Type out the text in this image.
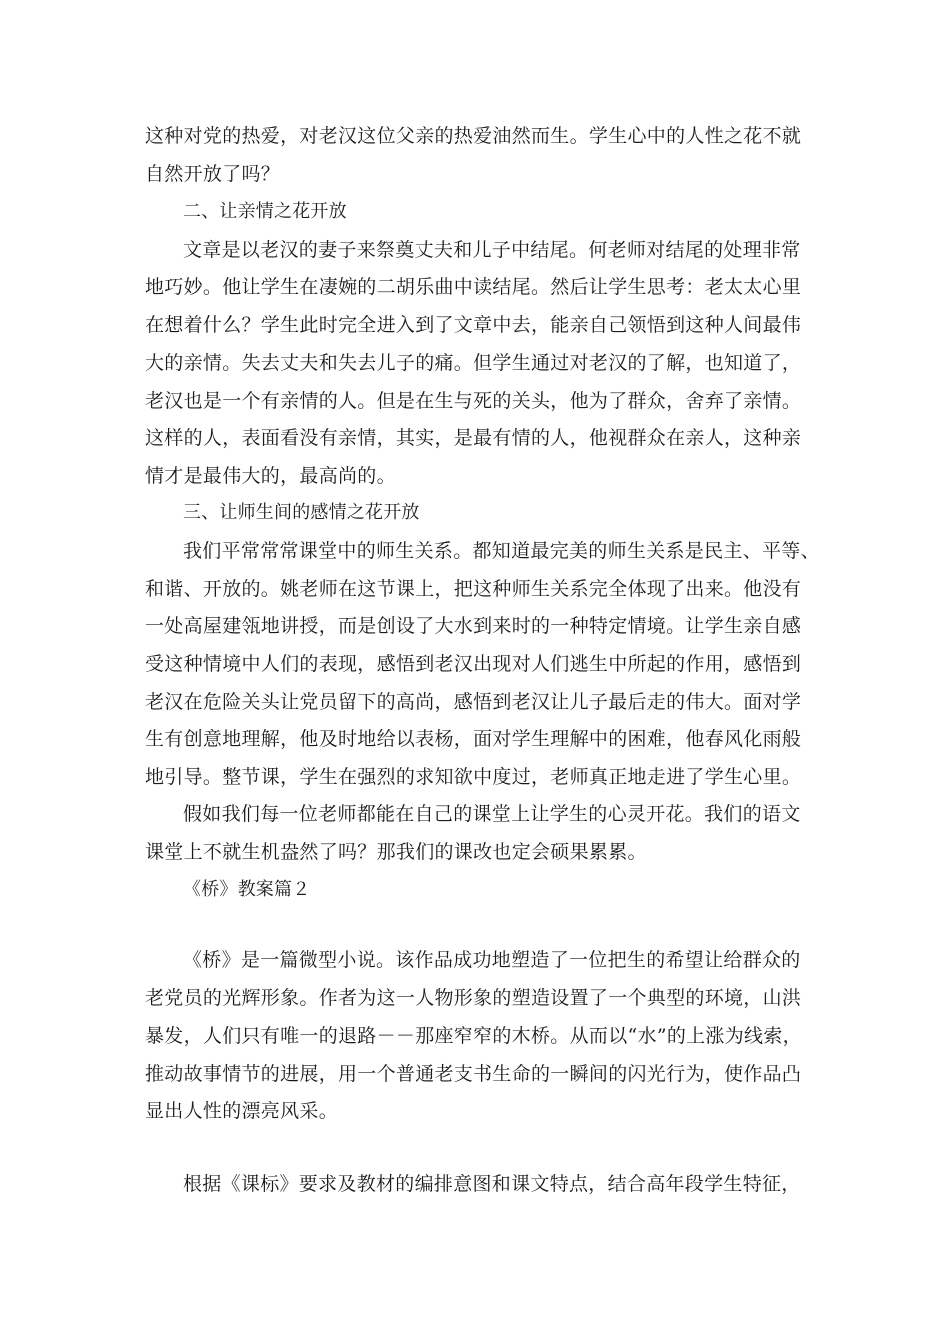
这种对党的热爱，对老汉这位父亲的热爱油然而生。学生心中的人性之花不就
自然开放了吗？
二、让亲情之花开放
文章是以老汉的妻子来祭奠丈夫和儿子中结尾。何老师对结尾的处理非常
地巧妙。他让学生在凄婉的二胡乐曲中读结尾。然后让学生思考：老太太心里
在想着什么？学生此时完全进入到了文章中去，能亲自己领悟到这种人间最伟
大的亲情。失去丈夫和失去儿子的痛。但学生通过对老汉的了解，也知道了，
老汉也是一个有亲情的人。但是在生与死的关头，他为了群众，舍弃了亲情。
这样的人，表面看没有亲情，其实，是最有情的人，他视群众在亲人，这种亲
情才是最伟大的，最高尚的。
三、让师生间的感情之花开放
我们平常常常课堂中的师生关系。都知道最完美的师生关系是民主、平等、
和谐、开放的。姚老师在这节课上，把这种师生关系完全体现了出来。他没有
一处高屋建瓴地讲授，而是创设了大水到来时的一种特定情境。让学生亲自感
受这种情境中人们的表现，感悟到老汉出现对人们逃生中所起的作用，感悟到
老汉在危险关头让党员留下的高尚，感悟到老汉让儿子最后走的伟大。面对学
生有创意地理解，他及时地给以表杨，面对学生理解中的困难，他春风化雨般
地引导。整节课，学生在强烈的求知欲中度过，老师真正地走进了学生心里。
假如我们每一位老师都能在自己的课堂上让学生的心灵开花。我们的语文
课堂上不就生机盎然了吗？那我们的课改也定会硕果累累。
《桥》教案篇２
《桥》是一篇微型小说。该作品成功地塑造了一位把生的希望让给群众的
老党员的光辉形象。作者为这一人物形象的塑造设置了一个典型的环境，山洪
暴发，人们只有唯一的退路－－那座窄窄的木桥。从而以“水”的上涨为线索，
推动故事情节的进展，用一个普通老支书生命的一瞬间的闪光行为，使作品凸
显出人性的漂亮风采。
根据《课标》要求及教材的编排意图和课文特点，结合高年段学生特征，
